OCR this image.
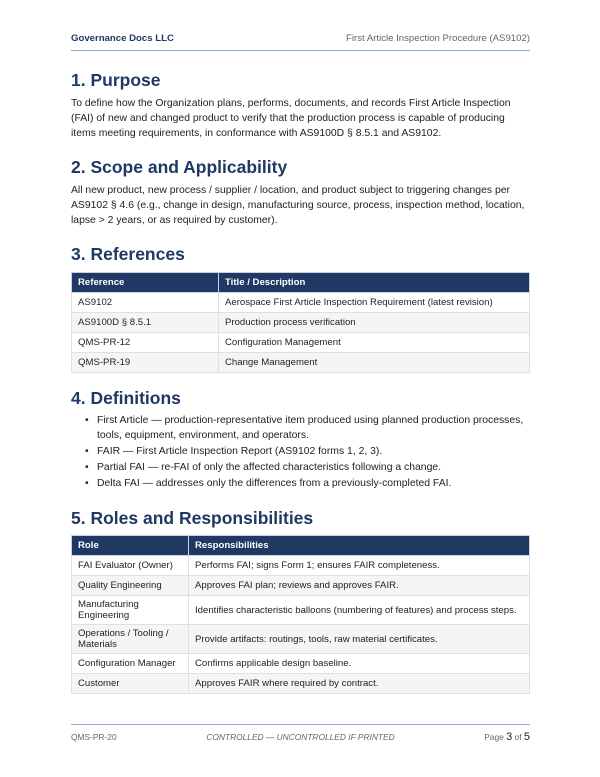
Governance Docs LLC	First Article Inspection Procedure (AS9102)
1. Purpose

To define how the Organization plans, performs, documents, and records First Article Inspection (FAI) of new and changed product to verify that the production process is capable of producing items meeting requirements, in conformance with AS9100D § 8.5.1 and AS9102.

2. Scope and Applicability

All new product, new process / supplier / location, and product subject to triggering changes per AS9102 § 4.6 (e.g., change in design, manufacturing source, process, inspection method, location, lapse > 2 years, or as required by customer).

3. References
Reference	Title / Description
AS9102	Aerospace First Article Inspection Requirement (latest revision)
AS9100D § 8.5.1	Production process verification
QMS-PR-12	Configuration Management
QMS-PR-19	Change Management
4. Definitions
• First Article — production-representative item produced using planned production processes, tools, equipment, environment, and operators.
• FAIR — First Article Inspection Report (AS9102 forms 1, 2, 3).
• Partial FAI — re-FAI of only the affected characteristics following a change.
• Delta FAI — addresses only the differences from a previously-completed FAI.
5. Roles and Responsibilities
Role	Responsibilities
FAI Evaluator (Owner)	Performs FAI; signs Form 1; ensures FAIR completeness.
Quality Engineering	Approves FAI plan; reviews and approves FAIR.
Manufacturing Engineering	Identifies characteristic balloons (numbering of features) and process steps.
Operations / Tooling / Materials	Provide artifacts: routings, tools, raw material certificates.
Configuration Manager	Confirms applicable design baseline.
Customer	Approves FAIR where required by contract.
QMS-PR-20	CONTROLLED — UNCONTROLLED IF PRINTED	Page 3 of 5
